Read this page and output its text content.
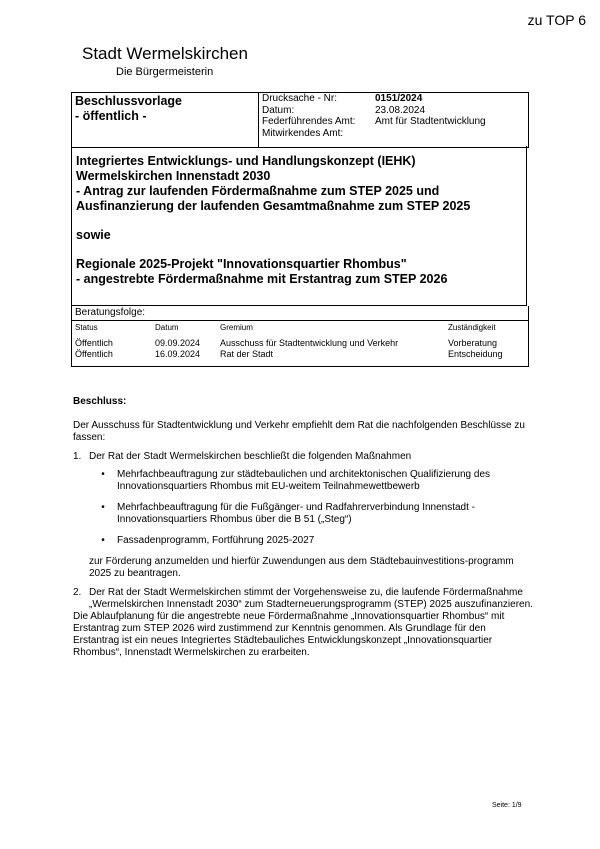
zu TOP 6
Stadt Wermelskirchen
Die Bürgermeisterin
Beschlussvorlage
- öffentlich -
Drucksache - Nr:	0151/2024
Datum:	23.08.2024
Federführendes Amt:	Amt für Stadtentwicklung
Mitwirkendes Amt:

Integriertes Entwicklungs- und Handlungskonzept (IEHK)

Wermelskirchen Innenstadt 2030

- Antrag zur laufenden Fördermaßnahme zum STEP 2025 und

Ausfinanzierung der laufenden Gesamtmaßnahme zum STEP 2025

sowie

Regionale 2025-Projekt "Innovationsquartier Rhombus"

- angestrebte Fördermaßnahme mit Erstantrag zum STEP 2026

Beratungsfolge:
Status	Datum	Gremium	Zuständigkeit
Öffentlich	09.09.2024	Ausschuss für Stadtentwicklung und Verkehr	Vorberatung
Öffentlich	16.09.2024	Rat der Stadt	Entscheidung
Beschluss:

Der Ausschuss für Stadtentwicklung und Verkehr empfiehlt dem Rat die nachfolgenden Beschlüsse zu fassen:

1. Der Rat der Stadt Wermelskirchen beschließt die folgenden Maßnahmen

•	Mehrfachbeauftragung zur städtebaulichen und architektonischen Qualifizierung des Innovationsquartiers Rhombus mit EU-weitem Teilnahmewettbewerb
•	Mehrfachbeauftragung für die Fußgänger- und Radfahrerverbindung Innenstadt - Innovationsquartiers Rhombus über die B 51 („Steg“)
•	Fassadenprogramm, Fortführung 2025-2027

zur Förderung anzumelden und hierfür Zuwendungen aus dem Städtebauinvestitions-programm 2025 zu beantragen.

2. Der Rat der Stadt Wermelskirchen stimmt der Vorgehensweise zu, die laufende Fördermaßnahme „Wermelskirchen Innenstadt 2030“ zum Stadterneuerungsprogramm (STEP) 2025 auszufinanzieren.

Die Ablaufplanung für die angestrebte neue Fördermaßnahme „Innovationsquartier Rhombus“ mit Erstantrag zum STEP 2026 wird zustimmend zur Kenntnis genommen. Als Grundlage für den Erstantrag ist ein neues Integriertes Städtebauliches Entwicklungskonzept „Innovationsquartier Rhombus“, Innenstadt Wermelskirchen zu erarbeiten.

Seite: 1/9
